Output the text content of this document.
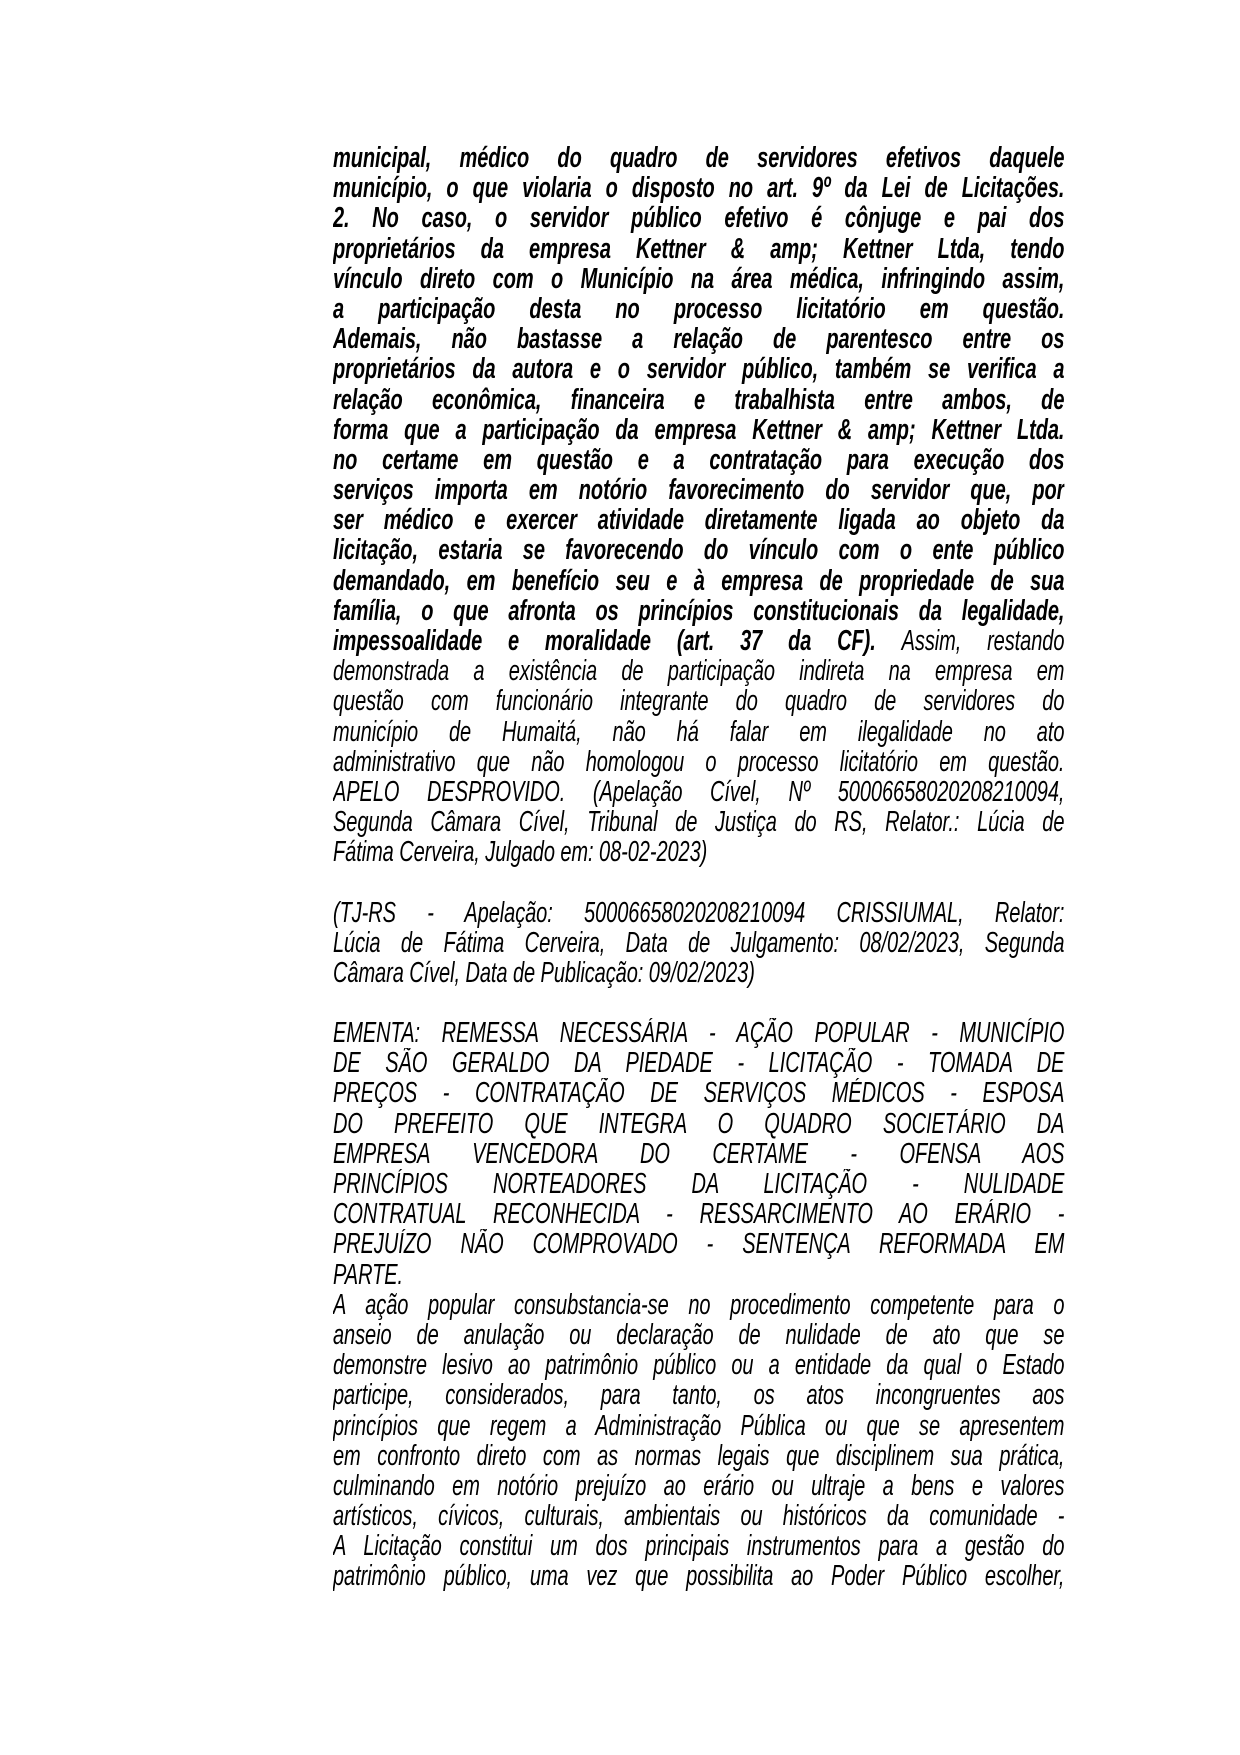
municipal, médico do quadro de servidores efetivos daquele
município, o que violaria o disposto no art. 9º da Lei de Licitações.
2. No caso, o servidor público efetivo é cônjuge e pai dos
proprietários da empresa Kettner & amp; Kettner Ltda, tendo
vínculo direto com o Município na área médica, infringindo assim,
a participação desta no processo licitatório em questão.
Ademais, não bastasse a relação de parentesco entre os
proprietários da autora e o servidor público, também se verifica a
relação econômica, financeira e trabalhista entre ambos, de
forma que a participação da empresa Kettner & amp; Kettner Ltda.
no certame em questão e a contratação para execução dos
serviços importa em notório favorecimento do servidor que, por
ser médico e exercer atividade diretamente ligada ao objeto da
licitação, estaria se favorecendo do vínculo com o ente público
demandado, em benefício seu e à empresa de propriedade de sua
família, o que afronta os princípios constitucionais da legalidade,
impessoalidade e moralidade (art. 37 da CF). Assim, restando
demonstrada a existência de participação indireta na empresa em
questão com funcionário integrante do quadro de servidores do
município de Humaitá, não há falar em ilegalidade no ato
administrativo que não homologou o processo licitatório em questão.
APELO DESPROVIDO. (Apelação Cível, Nº 50006658020208210094,
Segunda Câmara Cível, Tribunal de Justiça do RS, Relator.: Lúcia de
Fátima Cerveira, Julgado em: 08-02-2023)
(TJ-RS - Apelação: 50006658020208210094 CRISSIUMAL, Relator:
Lúcia de Fátima Cerveira, Data de Julgamento: 08/02/2023, Segunda
Câmara Cível, Data de Publicação: 09/02/2023)
EMENTA: REMESSA NECESSÁRIA - AÇÃO POPULAR - MUNICÍPIO
DE SÃO GERALDO DA PIEDADE - LICITAÇÃO - TOMADA DE
PREÇOS - CONTRATAÇÃO DE SERVIÇOS MÉDICOS - ESPOSA
DO PREFEITO QUE INTEGRA O QUADRO SOCIETÁRIO DA
EMPRESA VENCEDORA DO CERTAME - OFENSA AOS
PRINCÍPIOS NORTEADORES DA LICITAÇÃO - NULIDADE
CONTRATUAL RECONHECIDA - RESSARCIMENTO AO ERÁRIO -
PREJUÍZO NÃO COMPROVADO - SENTENÇA REFORMADA EM
PARTE.
A ação popular consubstancia-se no procedimento competente para o
anseio de anulação ou declaração de nulidade de ato que se
demonstre lesivo ao patrimônio público ou a entidade da qual o Estado
participe, considerados, para tanto, os atos incongruentes aos
princípios que regem a Administração Pública ou que se apresentem
em confronto direto com as normas legais que disciplinem sua prática,
culminando em notório prejuízo ao erário ou ultraje a bens e valores
artísticos, cívicos, culturais, ambientais ou históricos da comunidade -
A Licitação constitui um dos principais instrumentos para a gestão do
patrimônio público, uma vez que possibilita ao Poder Público escolher,
